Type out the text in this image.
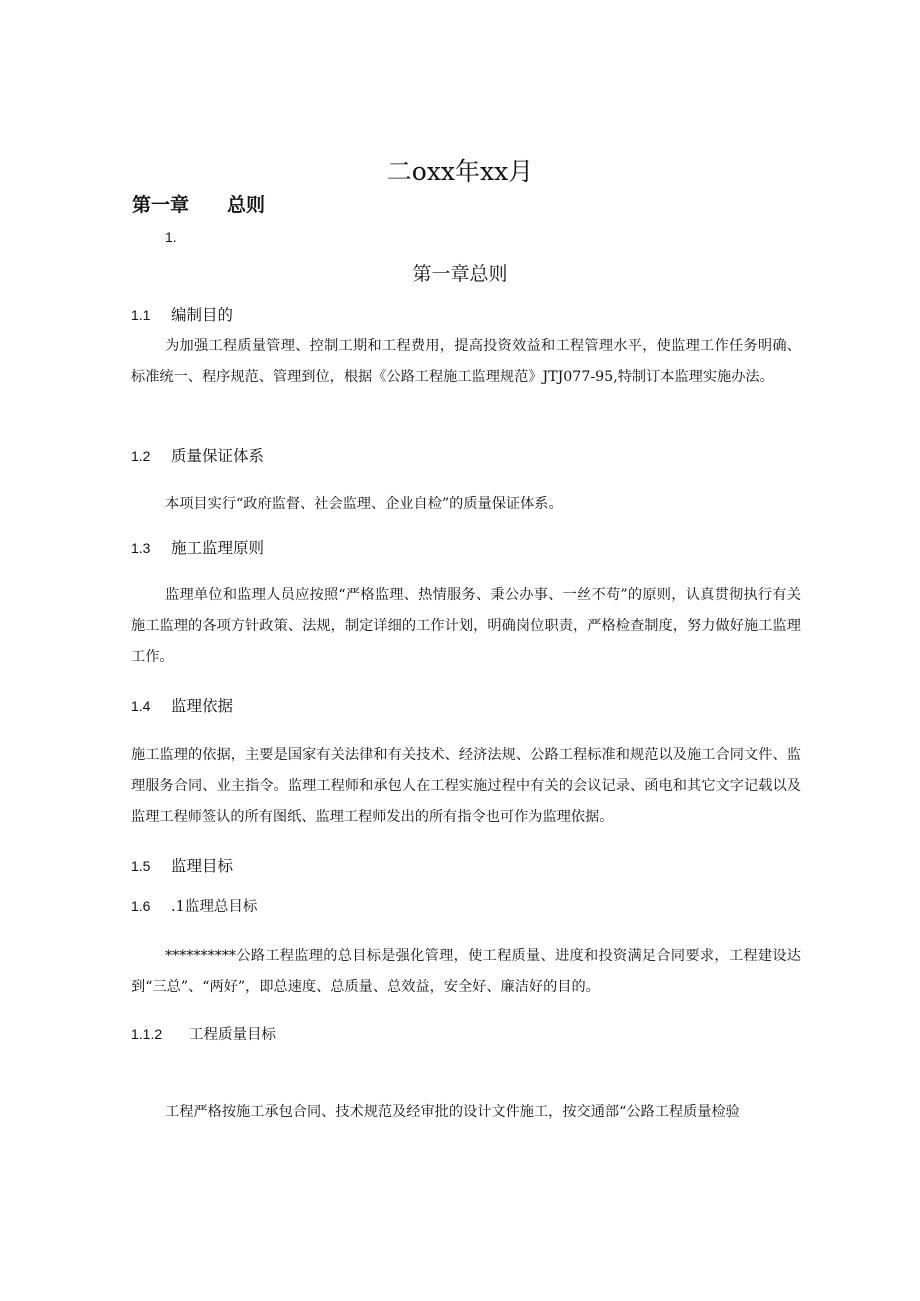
二oxx年xx月
第一章 总则
1.
第一章总则
1.1 编制目的

为加强工程质量管理、控制工期和工程费用，提高投资效益和工程管理水平，使监理工作任务明确、标准统一、程序规范、管理到位，根据《公路工程施工监理规范》JTJ077-95,特制订本监理实施办法。

1.2 质量保证体系

本项目实行“政府监督、社会监理、企业自检”的质量保证体系。

1.3 施工监理原则

监理单位和监理人员应按照“严格监理、热情服务、秉公办事、一丝不苟”的原则，认真贯彻执行有关施工监理的各项方针政策、法规，制定详细的工作计划，明确岗位职责，严格检查制度，努力做好施工监理工作。

1.4 监理依据

施工监理的依据，主要是国家有关法律和有关技术、经济法规、公路工程标准和规范以及施工合同文件、监理服务合同、业主指令。监理工程师和承包人在工程实施过程中有关的会议记录、函电和其它文字记载以及监理工程师签认的所有图纸、监理工程师发出的所有指令也可作为监理依据。

1.5 监理目标
1.6 .1监理总目标

**********公路工程监理的总目标是强化管理，使工程质量、进度和投资满足合同要求，工程建设达到“三总”、“两好”，即总速度、总质量、总效益，安全好、廉洁好的目的。

1.1.2 工程质量目标

工程严格按施工承包合同、技术规范及经审批的设计文件施工，按交通部“公路工程质量检验
